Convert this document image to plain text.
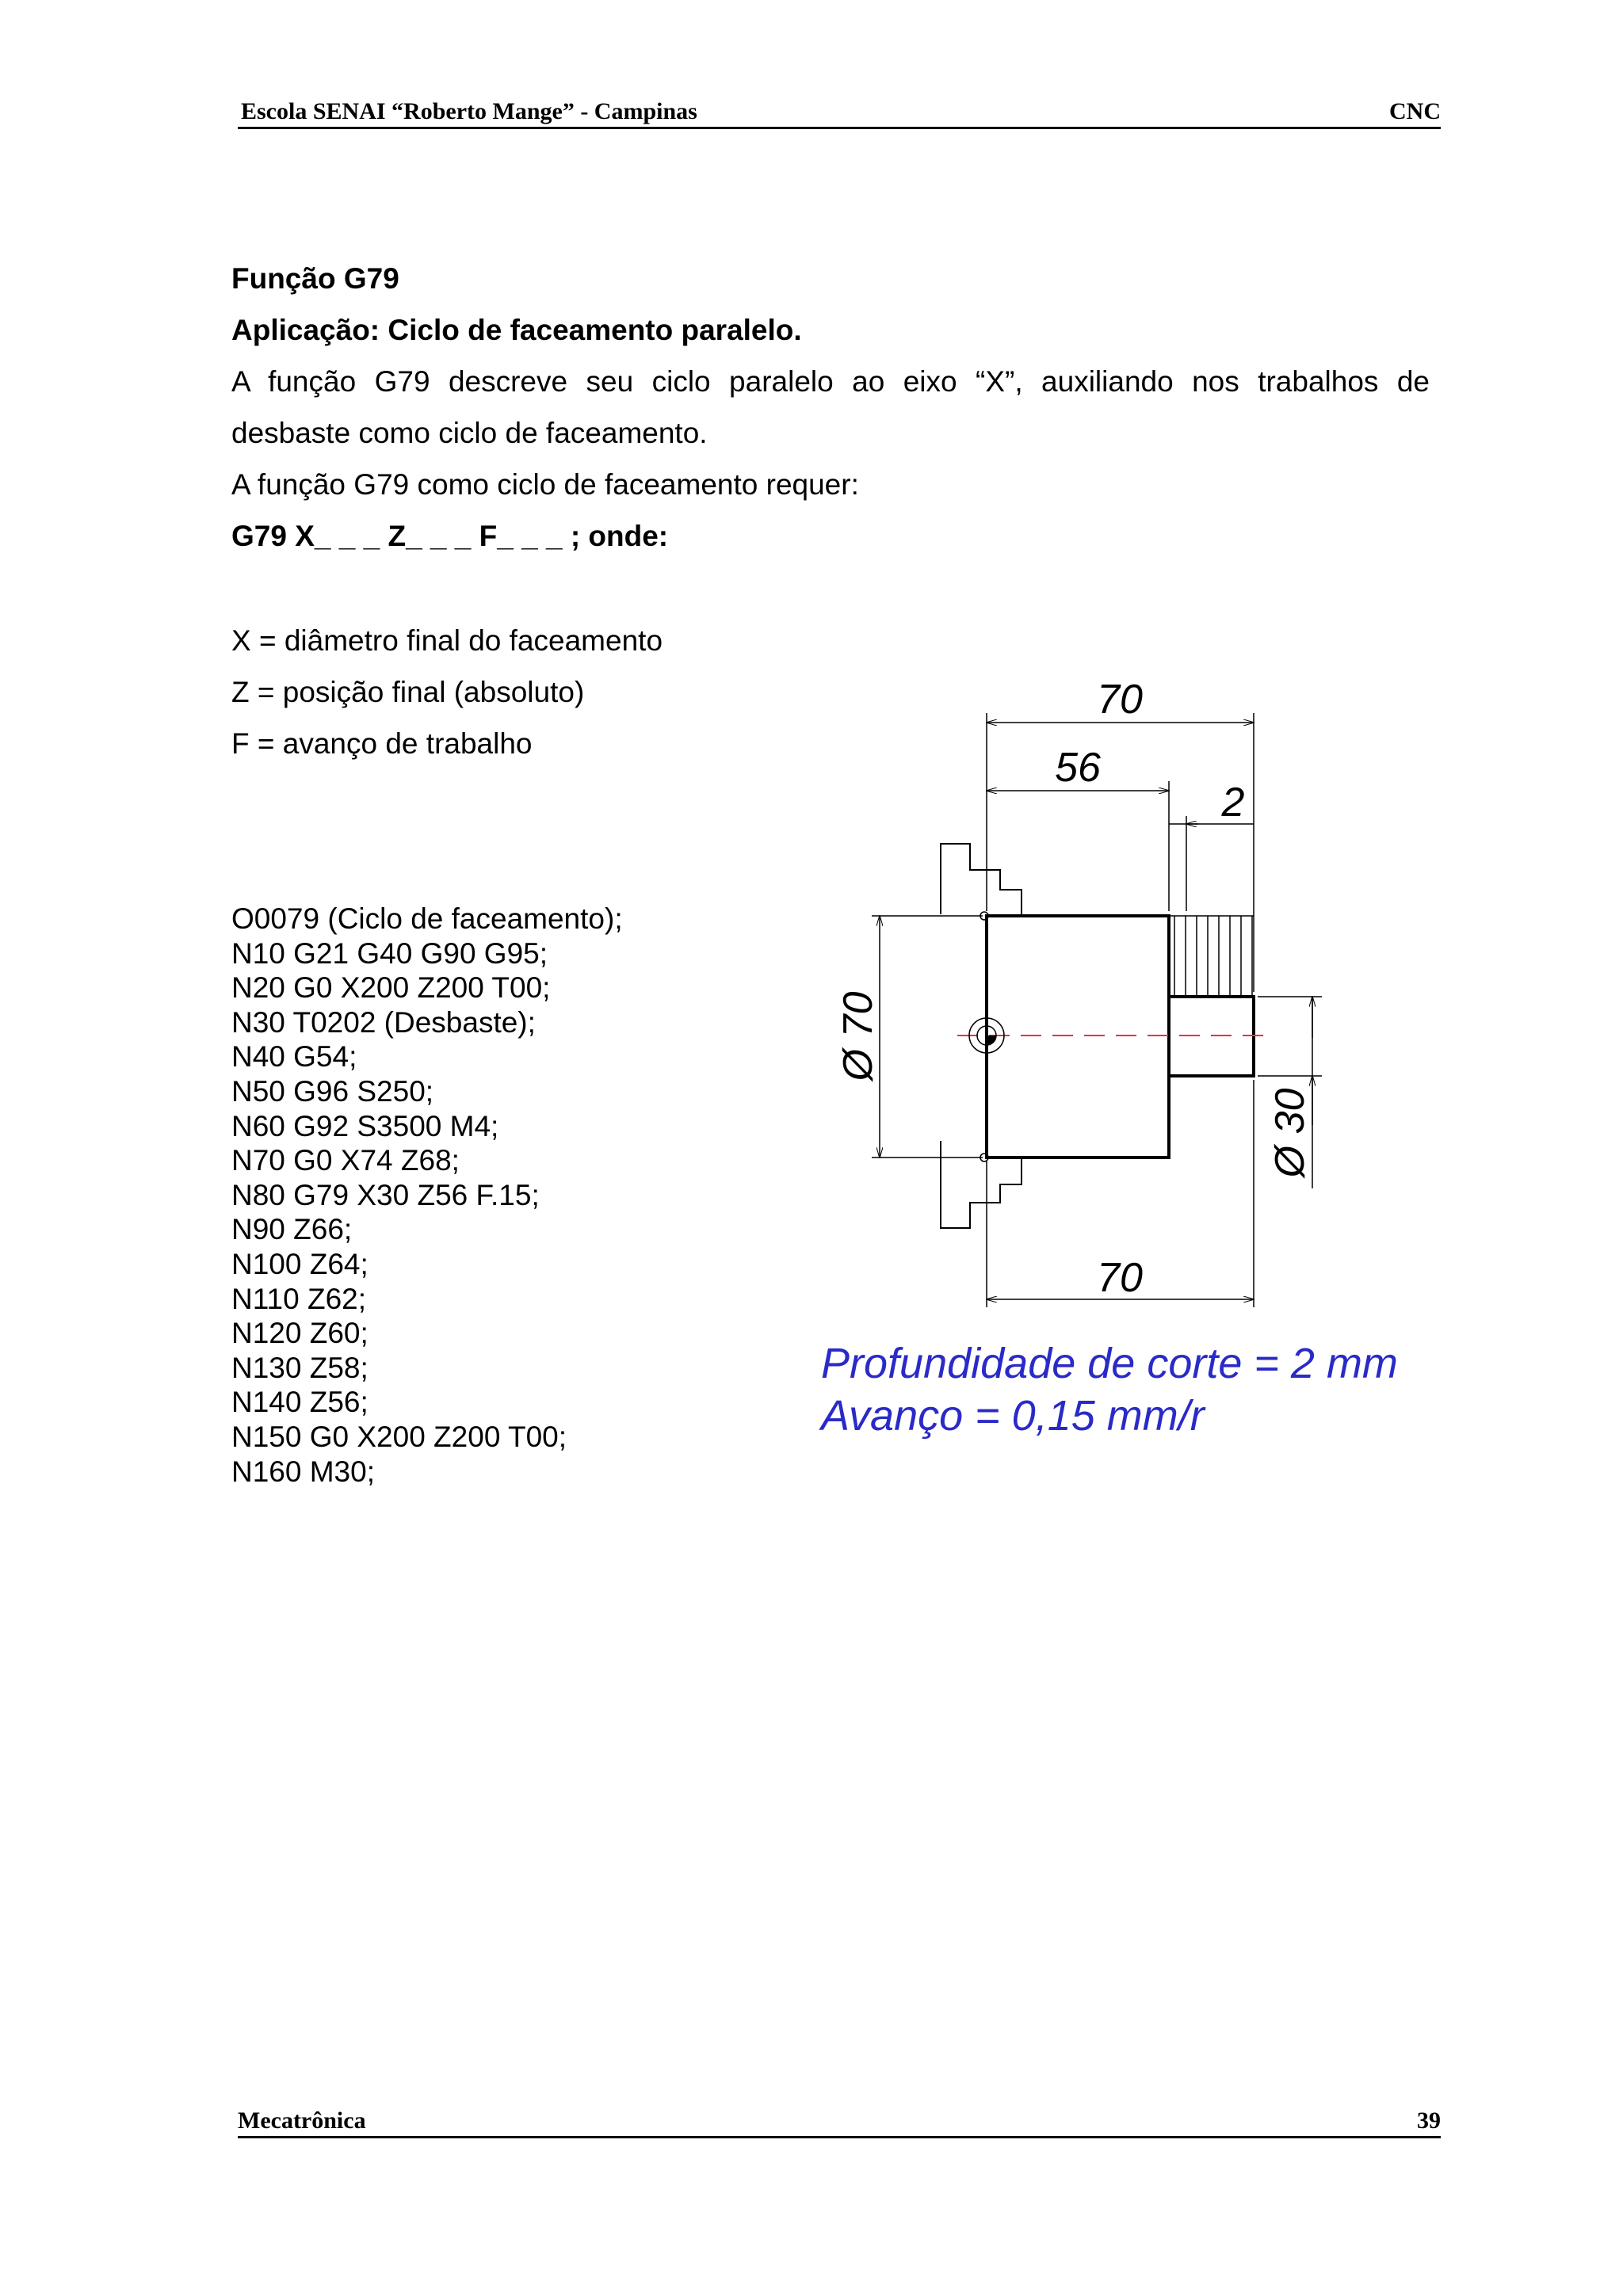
Escola SENAI “Roberto Mange” - Campinas	CNC
Função G79
Aplicação: Ciclo de faceamento paralelo.
A função G79 descreve seu ciclo paralelo ao eixo “X”, auxiliando nos trabalhos de
desbaste como ciclo de faceamento.
A função G79 como ciclo de faceamento requer:
G79 X_ _ _ Z_ _ _ F_ _ _ ; onde:
X = diâmetro final do faceamento
Z = posição final (absoluto)
F = avanço de trabalho
O0079 (Ciclo de faceamento);
N10 G21 G40 G90 G95;
N20 G0 X200 Z200 T00;
N30 T0202 (Desbaste);
N40 G54;
N50 G96 S250;
N60 G92 S3500 M4;
N70 G0 X74 Z68;
N80 G79 X30 Z56 F.15;
N90 Z66;
N100 Z64;
N110 Z62;
N120 Z60;
N130 Z58;
N140 Z56;
N150 G0 X200 Z200 T00;
N160 M30;
70
56
2
Ø 70
Ø 30
70
Profundidade de corte = 2 mm
Avanço = 0,15 mm/r
Mecatrônica	39
